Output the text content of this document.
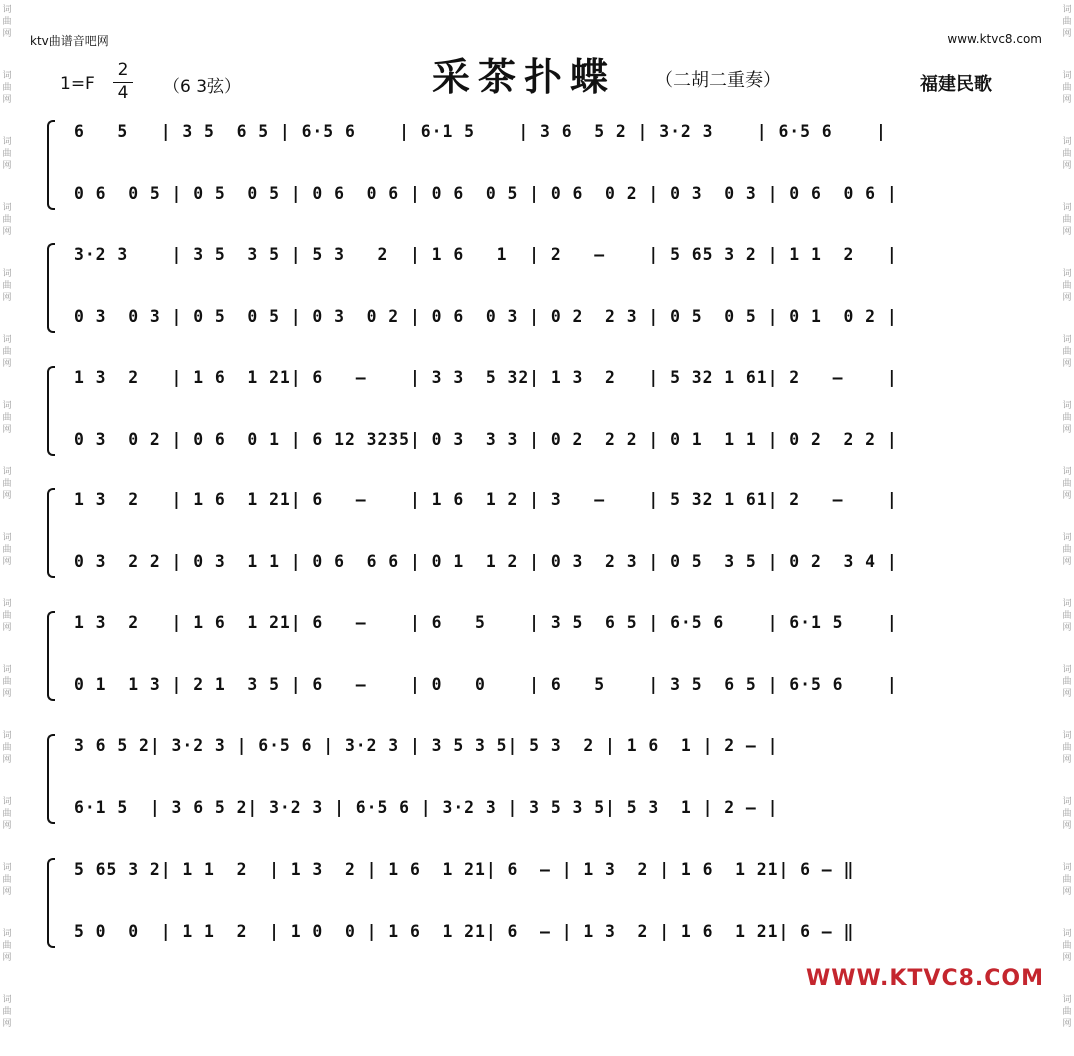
词曲网
词曲网
词曲网
词曲网
词曲网
词曲网
词曲网
词曲网
词曲网
词曲网
词曲网
词曲网
词曲网
词曲网
词曲网
词曲网
词曲网
词曲网
词曲网
词曲网
词曲网
词曲网
词曲网
词曲网
词曲网
词曲网
词曲网
词曲网
词曲网
词曲网
词曲网
词曲网
ktv曲谱音吧网	www.ktvc8.com
采茶扑蝶 （二胡二重奏）	福建民歌
1=F
2
4 （6 3弦）
6   5   | 3 5  6 5 | 6·5 6    | 6·1 5    | 3 6  5 2 | 3·2 3    | 6·5 6    |
0 6  0 5 | 0 5  0 5 | 0 6  0 6 | 0 6  0 5 | 0 6  0 2 | 0 3  0 3 | 0 6  0 6 |
3·2 3    | 3 5  3 5 | 5 3   2  | 1 6   1  | 2   —    | 5 65 3 2 | 1 1  2   |
0 3  0 3 | 0 5  0 5 | 0 3  0 2 | 0 6  0 3 | 0 2  2 3 | 0 5  0 5 | 0 1  0 2 |
1 3  2   | 1 6  1 21| 6   —    | 3 3  5 32| 1 3  2   | 5 32 1 61| 2   —    |
0 3  0 2 | 0 6  0 1 | 6 12 3235| 0 3  3 3 | 0 2  2 2 | 0 1  1 1 | 0 2  2 2 |
1 3  2   | 1 6  1 21| 6   —    | 1 6  1 2 | 3   —    | 5 32 1 61| 2   —    |
0 3  2 2 | 0 3  1 1 | 0 6  6 6 | 0 1  1 2 | 0 3  2 3 | 0 5  3 5 | 0 2  3 4 |
1 3  2   | 1 6  1 21| 6   —    | 6   5    | 3 5  6 5 | 6·5 6    | 6·1 5    |
0 1  1 3 | 2 1  3 5 | 6   —    | 0   0    | 6   5    | 3 5  6 5 | 6·5 6    |
3 6 5 2| 3·2 3 | 6·5 6 | 3·2 3 | 3 5 3 5| 5 3  2 | 1 6  1 | 2 — |
6·1 5  | 3 6 5 2| 3·2 3 | 6·5 6 | 3·2 3 | 3 5 3 5| 5 3  1 | 2 — |
5 65 3 2| 1 1  2  | 1 3  2 | 1 6  1 21| 6  — | 1 3  2 | 1 6  1 21| 6 — ‖
5 0  0  | 1 1  2  | 1 0  0 | 1 6  1 21| 6  — | 1 3  2 | 1 6  1 21| 6 — ‖
WWW.KTVC8.COM
